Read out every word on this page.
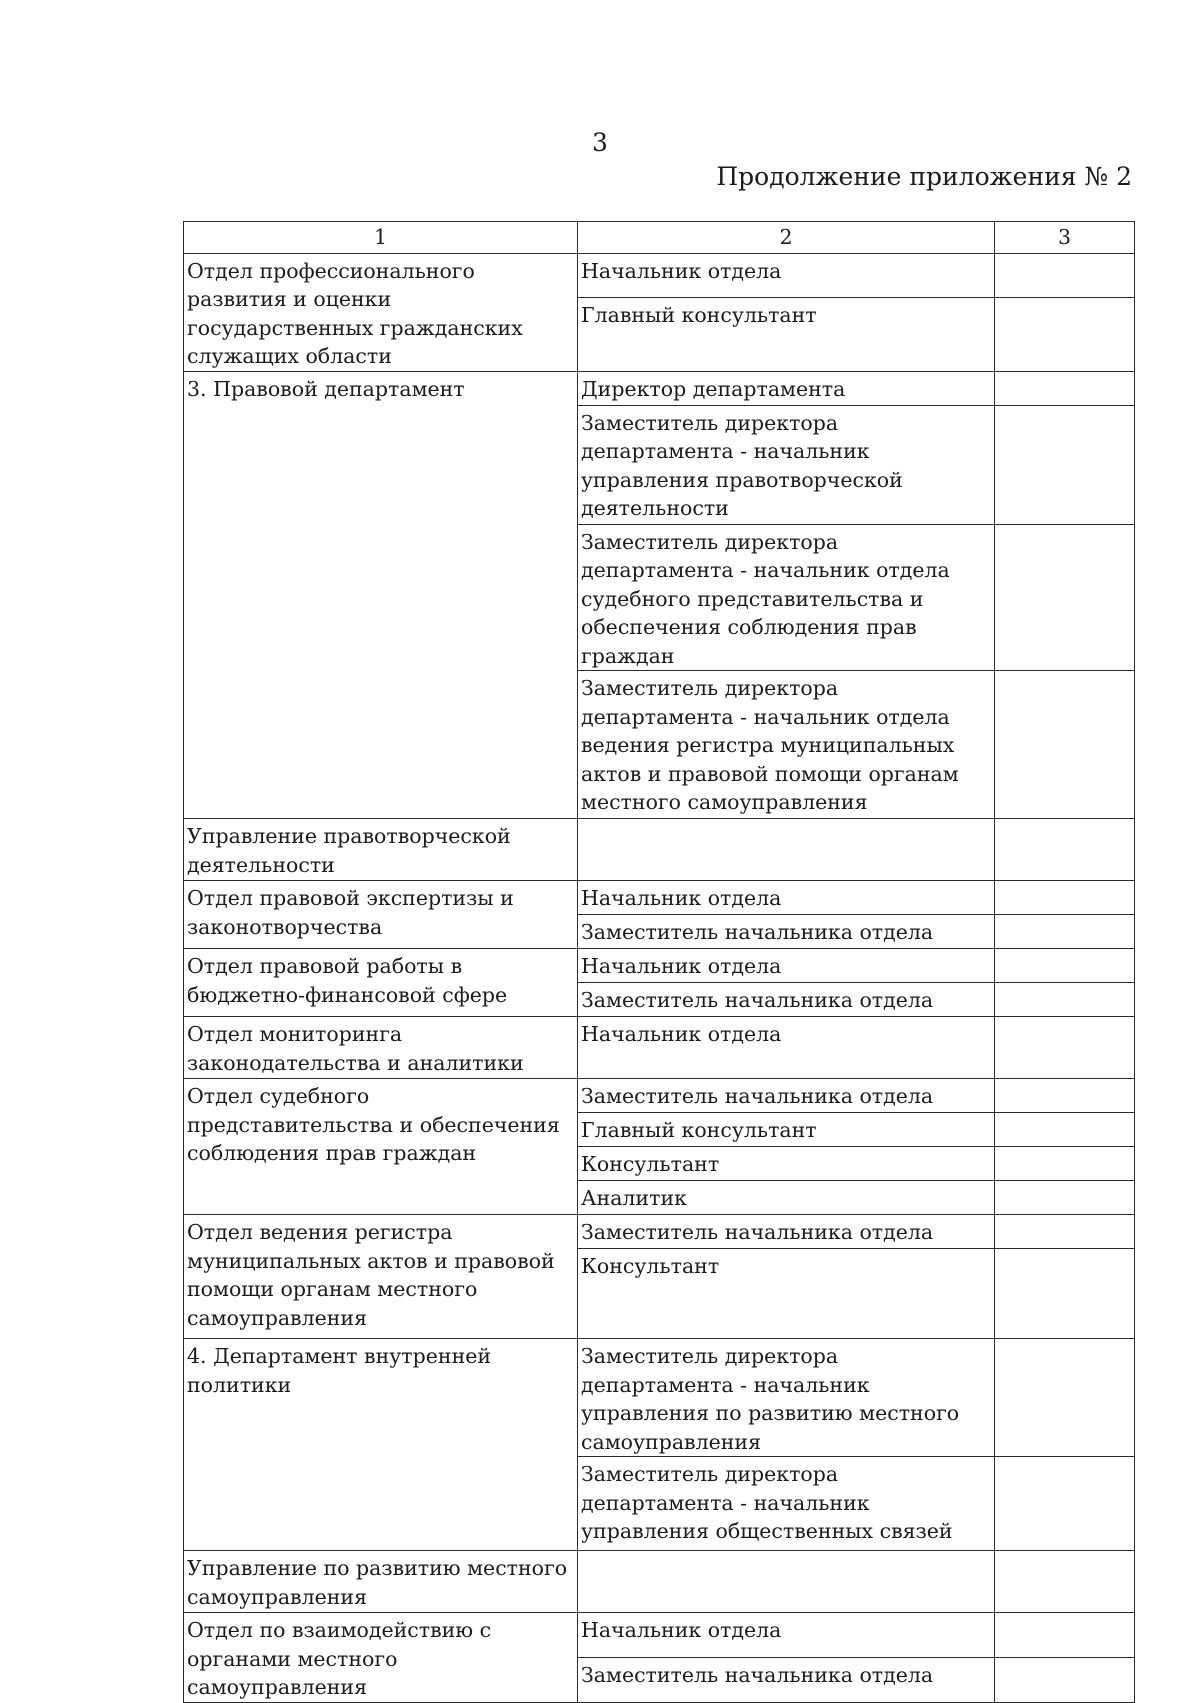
3
Продолжение приложения № 2
1	2	3
Отдел профессионального развития и оценки государственных гражданских служащих области	Начальник отдела	
	Главный консультант	
3. Правовой департамент	Директор департамента	
	Заместитель директора департамента - начальник управления правотворческой деятельности	
	Заместитель директора департамента - начальник отдела судебного представительства и обеспечения соблюдения прав граждан	
	Заместитель директора департамента - начальник отдела ведения регистра муниципальных актов и правовой помощи органам местного самоуправления	
Управление правотворческой деятельности		
Отдел правовой экспертизы и законотворчества	Начальник отдела	
	Заместитель начальника отдела	
Отдел правовой работы в бюджетно-финансовой сфере	Начальник отдела	
	Заместитель начальника отдела	
Отдел мониторинга законодательства и аналитики	Начальник отдела	
Отдел судебного представительства и обеспечения соблюдения прав граждан	Заместитель начальника отдела	
	Главный консультант	
	Консультант	
	Аналитик	
Отдел ведения регистра муниципальных актов и правовой помощи органам местного самоуправления	Заместитель начальника отдела	
	Консультант	
4. Департамент внутренней политики	Заместитель директора департамента - начальник управления по развитию местного самоуправления	
	Заместитель директора департамента - начальник управления общественных связей	
Управление по развитию местного самоуправления		
Отдел по взаимодействию с органами местного самоуправления	Начальник отдела	
	Заместитель начальника отдела	
